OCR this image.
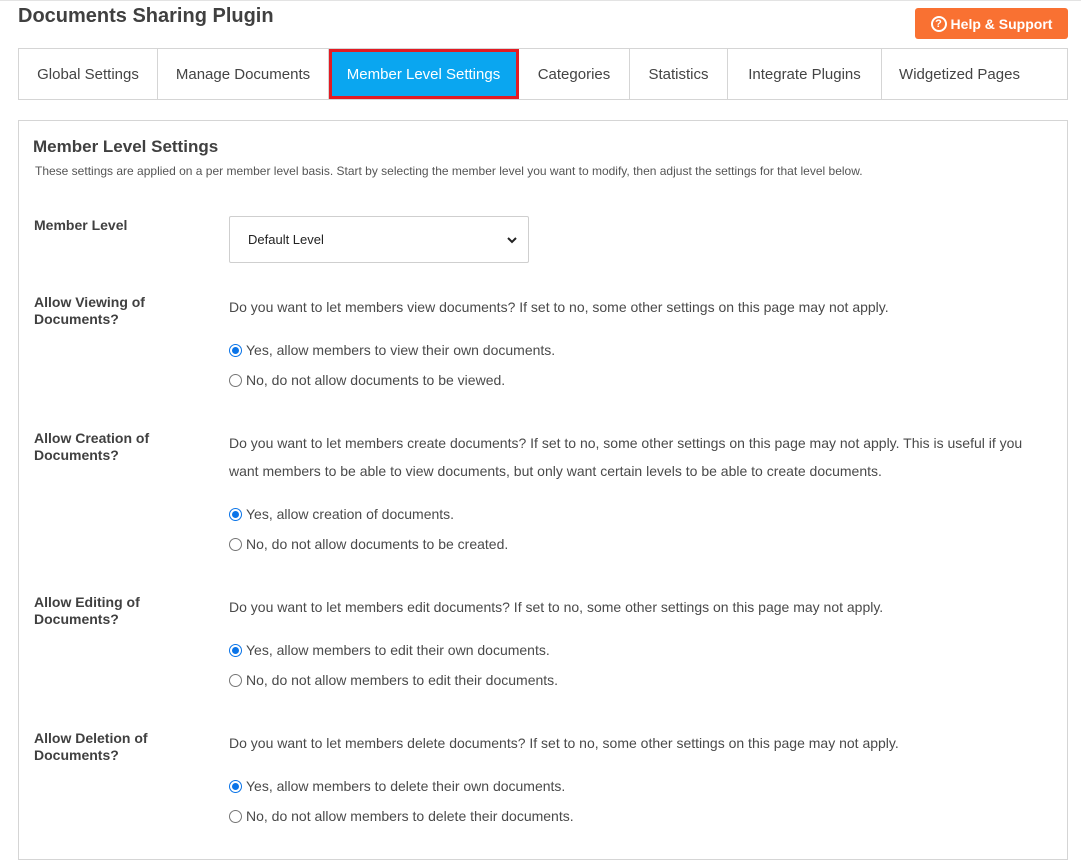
Documents Sharing Plugin	? Help & Support
Global Settings Manage Documents Member Level Settings	Categories	Statistics	Integrate Plugins	Widgetized Pages
Member Level Settings

These settings are applied on a per member level basis. Start by selecting the member level you want to modify, then adjust the settings for that level below.

Member Level
Default Level
Allow Viewing of Documents?
Do you want to let members view documents? If set to no, some other settings on this page may not apply.
Yes, allow members to view their own documents.
No, do not allow documents to be viewed.
Allow Creation of Documents?
Do you want to let members create documents? If set to no, some other settings on this page may not apply. This is useful if you want members to be able to view documents, but only want certain levels to be able to create documents.
Yes, allow creation of documents.
No, do not allow documents to be created.
Allow Editing of Documents?
Do you want to let members edit documents? If set to no, some other settings on this page may not apply.
Yes, allow members to edit their own documents.
No, do not allow members to edit their documents.
Allow Deletion of Documents?
Do you want to let members delete documents? If set to no, some other settings on this page may not apply.
Yes, allow members to delete their own documents.
No, do not allow members to delete their documents.
